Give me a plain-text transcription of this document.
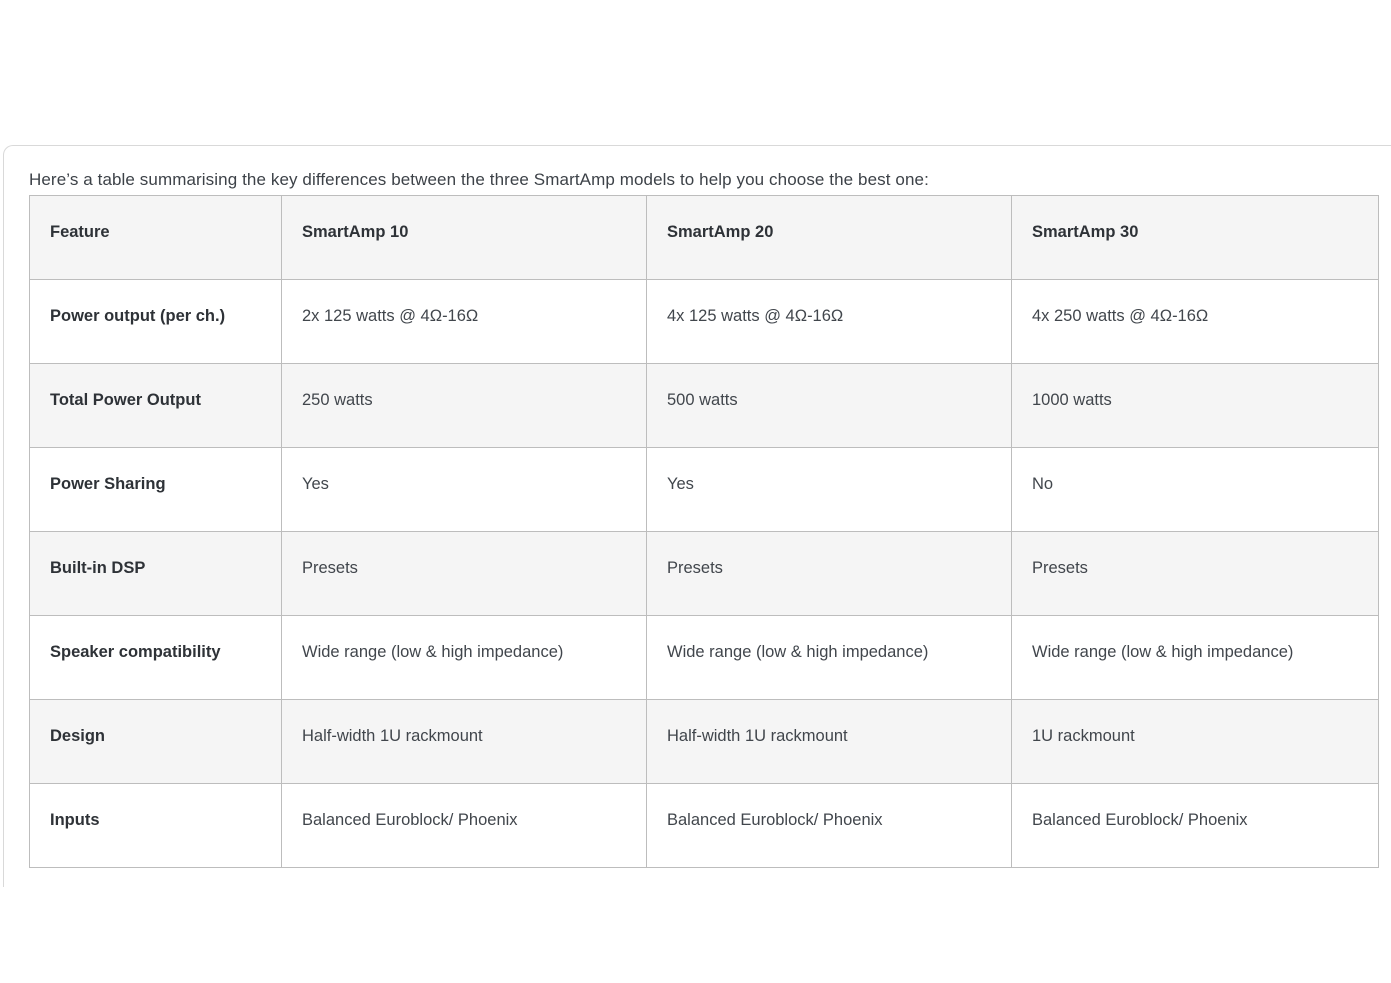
Here’s a table summarising the key differences between the three SmartAmp models to help you choose the best one:

Feature	SmartAmp 10	SmartAmp 20	SmartAmp 30
Power output (per ch.)	2x 125 watts @ 4Ω-16Ω	4x 125 watts @ 4Ω-16Ω	4x 250 watts @ 4Ω-16Ω
Total Power Output	250 watts	500 watts	1000 watts
Power Sharing	Yes	Yes	No
Built-in DSP	Presets	Presets	Presets
Speaker compatibility	Wide range (low & high impedance)	Wide range (low & high impedance)	Wide range (low & high impedance)
Design	Half-width 1U rackmount	Half-width 1U rackmount	1U rackmount
Inputs	Balanced Euroblock/ Phoenix	Balanced Euroblock/ Phoenix	Balanced Euroblock/ Phoenix
